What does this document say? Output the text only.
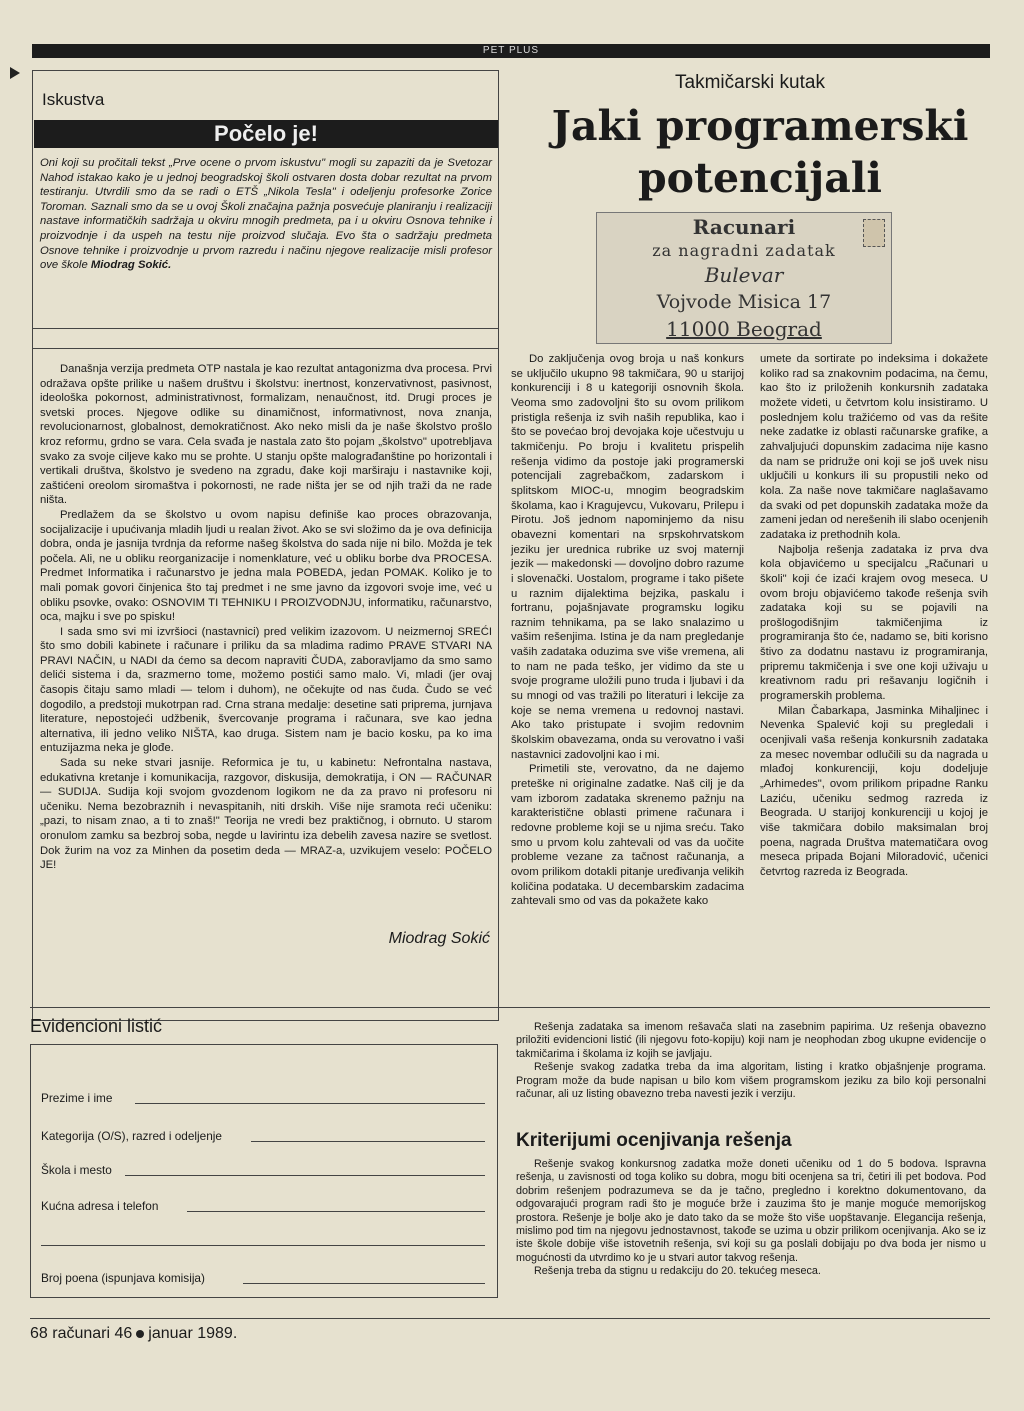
PET PLUS
Iskustva
Počelo je!

Oni koji su pročitali tekst „Prve ocene o prvom iskustvu" mogli su zapaziti da je Svetozar Nahod istakao kako je u jednoj beogradskoj školi ostvaren dosta dobar rezultat na prvom testiranju. Utvrdili smo da se radi o ETŠ „Nikola Tesla" i odeljenju profesorke Zorice Toroman. Saznali smo da se u ovoj Školi značajna pažnja posvećuje planiranju i realizaciji nastave informatičkih sadržaja u okviru mnogih predmeta, pa i u okviru Osnova tehnike i proizvodnje i da uspeh na testu nije proizvod slučaja. Evo šta o sadržaju predmeta Osnove tehnike i proizvodnje u prvom razredu i načinu njegove realizacije misli profesor ove škole Miodrag Sokić.

Današnja verzija predmeta OTP nastala je kao rezultat antagonizma dva procesa. Prvi odražava opšte prilike u našem društvu i školstvu: inertnost, konzervativnost, pasivnost, ideološka pokornost, administrativnost, formalizam, nenaučnost, itd. Drugi proces je svetski proces. Njegove odlike su dinamičnost, informativnost, nova znanja, revolucionarnost, globalnost, demokratičnost. Ako neko misli da je naše školstvo prošlo kroz reformu, grdno se vara. Cela svađa je nastala zato što pojam „školstvo" upotrebljava svako za svoje ciljeve kako mu se prohte. U stanju opšte malograđanštine po horizontali i vertikali društva, školstvo je svedeno na zgradu, đake koji marširaju i nastavnike koji, zaštićeni oreolom siromaštva i pokornosti, ne rade ništa jer se od njih traži da ne rade ništa.

Predlažem da se školstvo u ovom napisu definiše kao proces obrazovanja, socijalizacije i upućivanja mladih ljudi u realan život. Ako se svi složimo da je ova definicija dobra, onda je jasnija tvrdnja da reforme našeg školstva do sada nije ni bilo. Možda je tek počela. Ali, ne u obliku reorganizacije i nomenklature, već u obliku borbe dva PROCESA. Predmet Informatika i računarstvo je jedna mala POBEDA, jedan POMAK. Koliko je to mali pomak govori činjenica što taj predmet i ne sme javno da izgovori svoje ime, već u obliku psovke, ovako: OSNOVIM TI TEHNIKU I PROIZVODNJU, informatiku, računarstvo, oca, majku i sve po spisku!

I sada smo svi mi izvršioci (nastavnici) pred velikim izazovom. U neizmernoj SREĆI što smo dobili kabinete i računare i priliku da sa mladima radimo PRAVE STVARI NA PRAVI NAČIN, u NADI da ćemo sa decom napraviti ČUDA, zaboravljamo da smo samo delići sistema i da, srazmerno tome, možemo postići samo malo. Vi, mladi (jer ovaj časopis čitaju samo mladi — telom i duhom), ne očekujte od nas čuda. Čudo se već dogodilo, a predstoji mukotrpan rad. Crna strana medalje: desetine sati priprema, jurnjava literature, nepostojeći udžbenik, švercovanje programa i računara, sve kao jedna alternativa, ili jedno veliko NIŠTA, kao druga. Sistem nam je bacio kosku, pa ko ima entuzijazma neka je glođe.

Sada su neke stvari jasnije. Reformica je tu, u kabinetu: Nefrontalna nastava, edukativna kretanje i komunikacija, razgovor, diskusija, demokratija, i ON — RAČUNAR — SUDIJA. Sudija koji svojom gvozdenom logikom ne da za pravo ni profesoru ni učeniku. Nema bezobraznih i nevaspitanih, niti drskih. Više nije sramota reći učeniku: „pazi, to nisam znao, a ti to znaš!" Teorija ne vredi bez praktičnog, i obrnuto. U starom oronulom zamku sa bezbroj soba, negde u lavirintu iza debelih zavesa nazire se svetlost. Dok žurim na voz za Minhen da posetim deda — MRAZ-a, uzvikujem veselo: POČELO JE!

Miodrag Sokić
Takmičarski kutak
Jaki programerski
potencijali
Racunari
za nagradni zadatak
Bulevar
Vojvode Misica 17
11000 Beograd

Do zaključenja ovog broja u naš konkurs se uključilo ukupno 98 takmičara, 90 u starijoj konkurenciji i 8 u kategoriji osnovnih škola. Veoma smo zadovoljni što su ovom prilikom pristigla rešenja iz svih naših republika, kao i što se povećao broj devojaka koje učestvuju u takmičenju. Po broju i kvalitetu prispelih rešenja vidimo da postoje jaki programerski potencijali zagrebačkom, zadarskom i splitskom MIOC-u, mnogim beogradskim školama, kao i Kragujevcu, Vukovaru, Prilepu i Pirotu. Još jednom napominjemo da nisu obavezni komentari na srpskohrvatskom jeziku jer urednica rubrike uz svoj maternji jezik — makedonski — dovoljno dobro razume i slovenački. Uostalom, programe i tako pišete u raznim dijalektima bejzika, paskalu i fortranu, pojašnjavate programsku logiku raznim tehnikama, pa se lako snalazimo u vašim rešenjima. Istina je da nam pregledanje vaših zadataka oduzima sve više vremena, ali to nam ne pada teško, jer vidimo da ste u svoje programe uložili puno truda i ljubavi i da su mnogi od vas tražili po literaturi i lekcije za koje se nema vremena u redovnoj nastavi. Ako tako pristupate i svojim redovnim školskim obavezama, onda su verovatno i vaši nastavnici zadovoljni kao i mi.

Primetili ste, verovatno, da ne dajemo preteške ni originalne zadatke. Naš cilj je da vam izborom zadataka skrenemo pažnju na karakteristične oblasti primene računara i redovne probleme koji se u njima sreću. Tako smo u prvom kolu zahtevali od vas da uočite probleme vezane za tačnost računanja, a ovom prilikom dotakli pitanje uređivanja velikih količina podataka. U decembarskim zadacima zahtevali smo od vas da pokažete kako

umete da sortirate po indeksima i dokažete koliko rad sa znakovnim podacima, na čemu, kao što iz priloženih konkursnih zadataka možete videti, u četvrtom kolu insistiramo. U poslednjem kolu tražićemo od vas da rešite neke zadatke iz oblasti računarske grafike, a zahvaljujući dopunskim zadacima nije kasno da nam se pridruže oni koji se još uvek nisu uključili u konkurs ili su propustili neko od kola. Za naše nove takmičare naglašavamo da svaki od pet dopunskih zadataka može da zameni jedan od nerešenih ili slabo ocenjenih zadataka iz prethodnih kola.

Najbolja rešenja zadataka iz prva dva kola objavićemo u specijalcu „Računari u školi" koji će izaći krajem ovog meseca. U ovom broju objavićemo takođe rešenja svih zadataka koji su se pojavili na prošlogodišnjim takmičenjima iz programiranja što će, nadamo se, biti korisno štivo za dodatnu nastavu iz programiranja, pripremu takmičenja i sve one koji uživaju u kreativnom radu pri rešavanju logičnih i programerskih problema.

Milan Čabarkapa, Jasminka Mihaljinec i Nevenka Spalević koji su pregledali i ocenjivali vaša rešenja konkursnih zadataka za mesec novembar odlučili su da nagrada u mlađoj konkurenciji, koju dodeljuje „Arhimedes", ovom prilikom pripadne Ranku Laziću, učeniku sedmog razreda iz Beograda. U starijoj konkurenciji u kojoj je više takmičara dobilo maksimalan broj poena, nagrada Društva matematičara ovog meseca pripada Bojani Miloradović, učenici četvrtog razreda iz Beograda.

Evidencioni listić
Prezime i ime
Kategorija (O/S), razred i odeljenje
Škola i mesto
Kućna adresa i telefon
Broj poena (ispunjava komisija)

Rešenja zadataka sa imenom rešavača slati na zasebnim papirima. Uz rešenja obavezno priložiti evidencioni listić (ili njegovu foto-kopiju) koji nam je neophodan zbog ukupne evidencije o takmičarima i školama iz kojih se javljaju.

Rešenje svakog zadatka treba da ima algoritam, listing i kratko objašnjenje programa. Program može da bude napisan u bilo kom višem programskom jeziku za bilo koji personalni računar, ali uz listing obavezno treba navesti jezik i verziju.

Kriterijumi ocenjivanja rešenja

Rešenje svakog konkursnog zadatka može doneti učeniku od 1 do 5 bodova. Ispravna rešenja, u zavisnosti od toga koliko su dobra, mogu biti ocenjena sa tri, četiri ili pet bodova. Pod dobrim rešenjem podrazumeva se da je tačno, pregledno i korektno dokumentovano, da odgovarajući program radi što je moguće brže i zauzima što je manje moguće memorijskog prostora. Rešenje je bolje ako je dato tako da se može što više uopštavanje. Elegancija rešenja, mislimo pod tim na njegovu jednostavnost, takođe se uzima u obzir prilikom ocenjivanja. Ako se iz iste škole dobije više istovetnih rešenja, svi koji su ga poslali dobijaju po dva boda jer nismo u mogućnosti da utvrdimo ko je u stvari autor takvog rešenja.

Rešenja treba da stignu u redakciju do 20. tekućeg meseca.

68 računari 46 januar 1989.
